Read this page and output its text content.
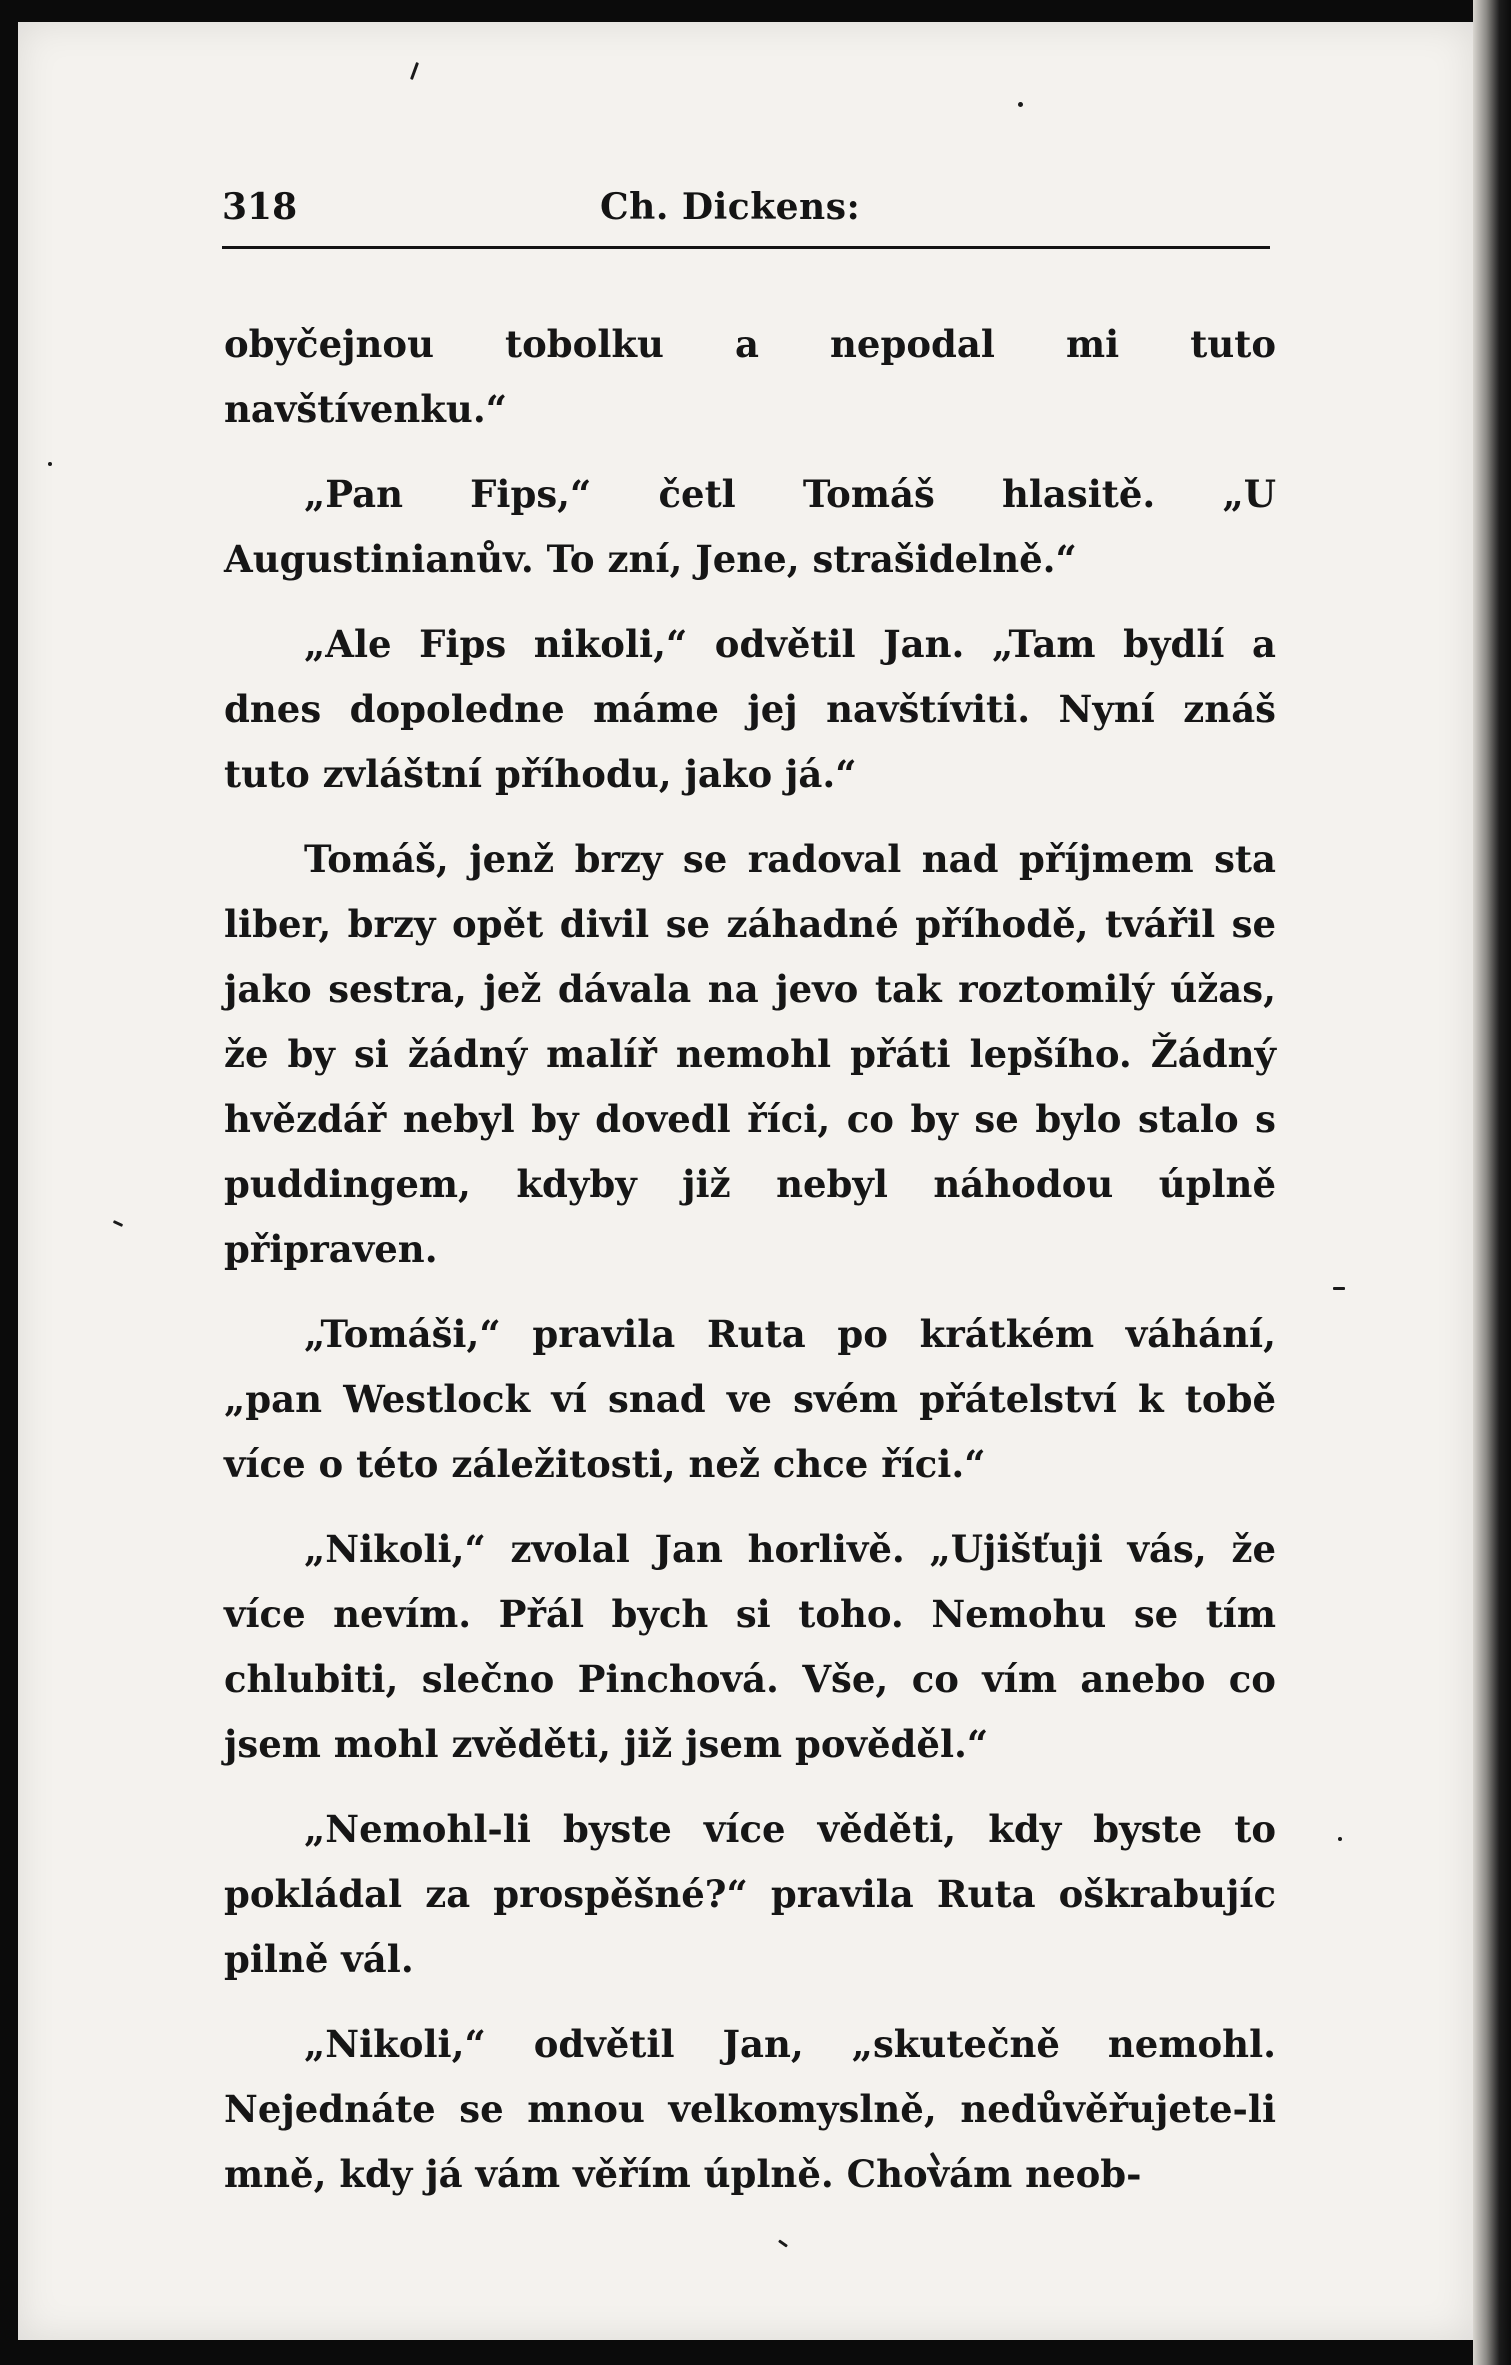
318	Ch. Dickens:

obyčejnou tobolku a nepodal mi tuto navštívenku.“

„Pan Fips,“ četl Tomáš hlasitě. „U Augustinianův. To zní, Jene, strašidelně.“

„Ale Fips nikoli,“ odvětil Jan. „Tam bydlí a dnes dopoledne máme jej navštíviti. Nyní znáš tuto zvláštní příhodu, jako já.“

Tomáš, jenž brzy se radoval nad příjmem sta liber, brzy opět divil se záhadné příhodě, tvářil se jako sestra, jež dávala na jevo tak roztomilý úžas, že by si žádný malíř nemohl přáti lepšího. Žádný hvězdář nebyl by dovedl říci, co by se bylo stalo s puddingem, kdyby již nebyl náhodou úplně připraven.

„Tomáši,“ pravila Ruta po krátkém váhání, „pan Westlock ví snad ve svém přátelství k tobě více o této záležitosti, než chce říci.“

„Nikoli,“ zvolal Jan horlivě. „Ujišťuji vás, že více nevím. Přál bych si toho. Nemohu se tím chlubiti, slečno Pinchová. Vše, co vím anebo co jsem mohl zvěděti, již jsem pověděl.“

„Nemohl-li byste více věděti, kdy byste to pokládal za prospěšné?“ pravila Ruta oškrabujíc pilně vál.

„Nikoli,“ odvětil Jan, „skutečně nemohl. Nejednáte se mnou velkomyslně, nedůvěřujete-li mně, kdy já vám věřím úplně. Chovám neob-
